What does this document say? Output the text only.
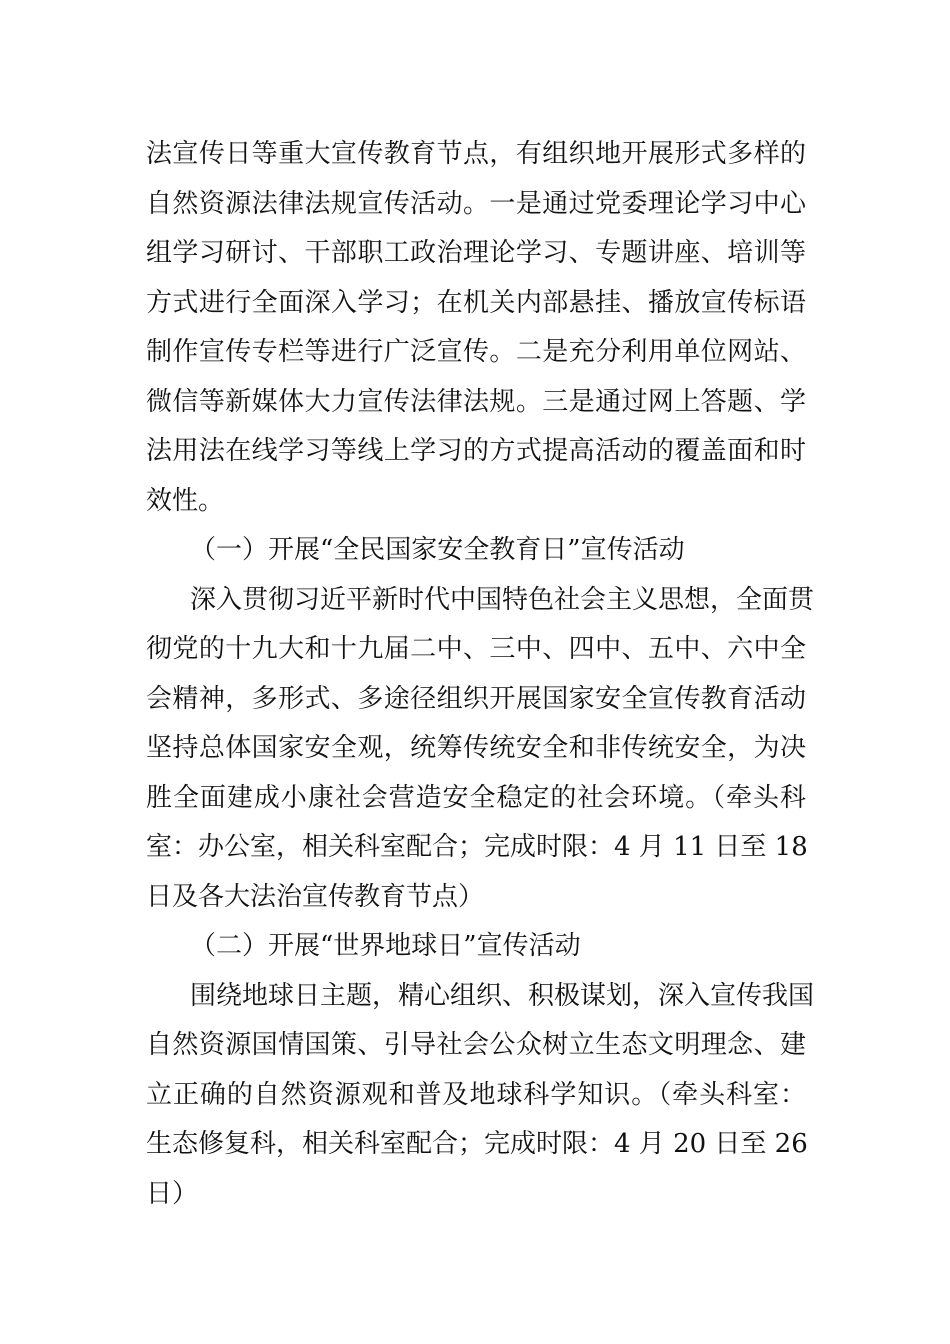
法宣传日等重大宣传教育节点，有组织地开展形式多样的
自然资源法律法规宣传活动。一是通过党委理论学习中心
组学习研讨、干部职工政治理论学习、专题讲座、培训等
方式进行全面深入学习；在机关内部悬挂、播放宣传标语
制作宣传专栏等进行广泛宣传。二是充分利用单位网站、
微信等新媒体大力宣传法律法规。三是通过网上答题、学
法用法在线学习等线上学习的方式提高活动的覆盖面和时
效性。
（一）开展“全民国家安全教育日”宣传活动
深入贯彻习近平新时代中国特色社会主义思想，全面贯
彻党的十九大和十九届二中、三中、四中、五中、六中全
会精神，多形式、多途径组织开展国家安全宣传教育活动
坚持总体国家安全观，统筹传统安全和非传统安全，为决
胜全面建成小康社会营造安全稳定的社会环境。（牵头科
室：办公室，相关科室配合；完成时限：4 月 11 日至 18
日及各大法治宣传教育节点）
（二）开展“世界地球日”宣传活动
围绕地球日主题，精心组织、积极谋划，深入宣传我国
自然资源国情国策、引导社会公众树立生态文明理念、建
立正确的自然资源观和普及地球科学知识。（牵头科室：
生态修复科，相关科室配合；完成时限：4 月 20 日至 26
日）
